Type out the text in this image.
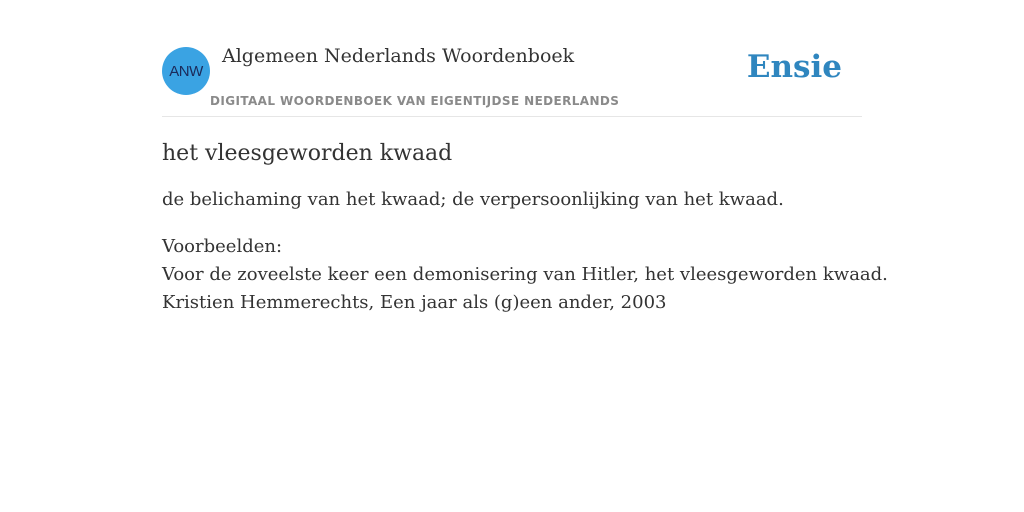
ANW
Algemeen Nederlands Woordenboek
DIGITAAL WOORDENBOEK VAN EIGENTIJDSE NEDERLANDS
Ensie
het vleesgeworden kwaad
de belichaming van het kwaad; de verpersoonlijking van het kwaad.
Voorbeelden:
Voor de zoveelste keer een demonisering van Hitler, het vleesgeworden kwaad.
Kristien Hemmerechts, Een jaar als (g)een ander, 2003
